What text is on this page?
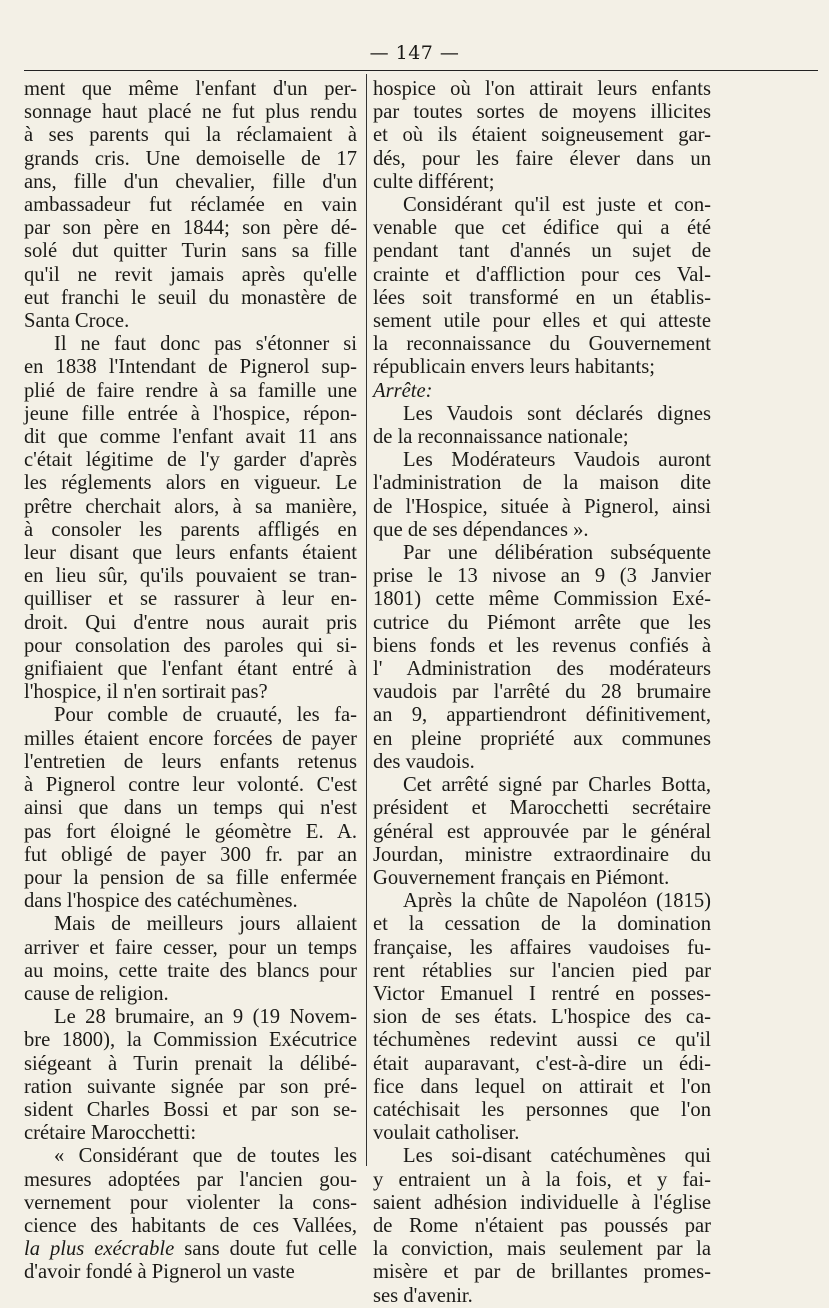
— 147 —

ment que même l'enfant d'un per-
sonnage haut placé ne fut plus rendu
à ses parents qui la réclamaient à
grands cris. Une demoiselle de 17
ans, fille d'un chevalier, fille d'un
ambassadeur fut réclamée en vain
par son père en 1844; son père dé-
solé dut quitter Turin sans sa fille
qu'il ne revit jamais après qu'elle
eut franchi le seuil du monastère de
Santa Croce.

Il ne faut donc pas s'étonner si
en 1838 l'Intendant de Pignerol sup-
plié de faire rendre à sa famille une
jeune fille entrée à l'hospice, répon-
dit que comme l'enfant avait 11 ans
c'était légitime de l'y garder d'après
les réglements alors en vigueur. Le
prêtre cherchait alors, à sa manière,
à consoler les parents affligés en
leur disant que leurs enfants étaient
en lieu sûr, qu'ils pouvaient se tran-
quilliser et se rassurer à leur en-
droit. Qui d'entre nous aurait pris
pour consolation des paroles qui si-
gnifiaient que l'enfant étant entré à
l'hospice, il n'en sortirait pas?

Pour comble de cruauté, les fa-
milles étaient encore forcées de payer
l'entretien de leurs enfants retenus
à Pignerol contre leur volonté. C'est
ainsi que dans un temps qui n'est
pas fort éloigné le géomètre E. A.
fut obligé de payer 300 fr. par an
pour la pension de sa fille enfermée
dans l'hospice des catéchumènes.

Mais de meilleurs jours allaient
arriver et faire cesser, pour un temps
au moins, cette traite des blancs pour
cause de religion.

Le 28 brumaire, an 9 (19 Novem-
bre 1800), la Commission Exécutrice
siégeant à Turin prenait la délibé-
ration suivante signée par son pré-
sident Charles Bossi et par son se-
crétaire Marocchetti:

« Considérant que de toutes les
mesures adoptées par l'ancien gou-
vernement pour violenter la cons-
cience des habitants de ces Vallées,
la plus exécrable sans doute fut celle
d'avoir fondé à Pignerol un vaste

hospice où l'on attirait leurs enfants
par toutes sortes de moyens illicites
et où ils étaient soigneusement gar-
dés, pour les faire élever dans un
culte différent;

Considérant qu'il est juste et con-
venable que cet édifice qui a été
pendant tant d'annés un sujet de
crainte et d'affliction pour ces Val-
lées soit transformé en un établis-
sement utile pour elles et qui atteste
la reconnaissance du Gouvernement
républicain envers leurs habitants;

Arrête:

Les Vaudois sont déclarés dignes
de la reconnaissance nationale;

Les Modérateurs Vaudois auront
l'administration de la maison dite
de l'Hospice, située à Pignerol, ainsi
que de ses dépendances ».

Par une délibération subséquente
prise le 13 nivose an 9 (3 Janvier
1801) cette même Commission Exé-
cutrice du Piémont arrête que les
biens fonds et les revenus confiés à
l' Administration des modérateurs
vaudois par l'arrêté du 28 brumaire
an 9, appartiendront définitivement,
en pleine propriété aux communes
des vaudois.

Cet arrêté signé par Charles Botta,
président et Marocchetti secrétaire
général est approuvée par le général
Jourdan, ministre extraordinaire du
Gouvernement français en Piémont.

Après la chûte de Napoléon (1815)
et la cessation de la domination
française, les affaires vaudoises fu-
rent rétablies sur l'ancien pied par
Victor Emanuel I rentré en posses-
sion de ses états. L'hospice des ca-
téchumènes redevint aussi ce qu'il
était auparavant, c'est-à-dire un édi-
fice dans lequel on attirait et l'on
catéchisait les personnes que l'on
voulait catholiser.

Les soi-disant catéchumènes qui
y entraient un à la fois, et y fai-
saient adhésion individuelle à l'église
de Rome n'étaient pas poussés par
la conviction, mais seulement par la
misère et par de brillantes promes-
ses d'avenir.
